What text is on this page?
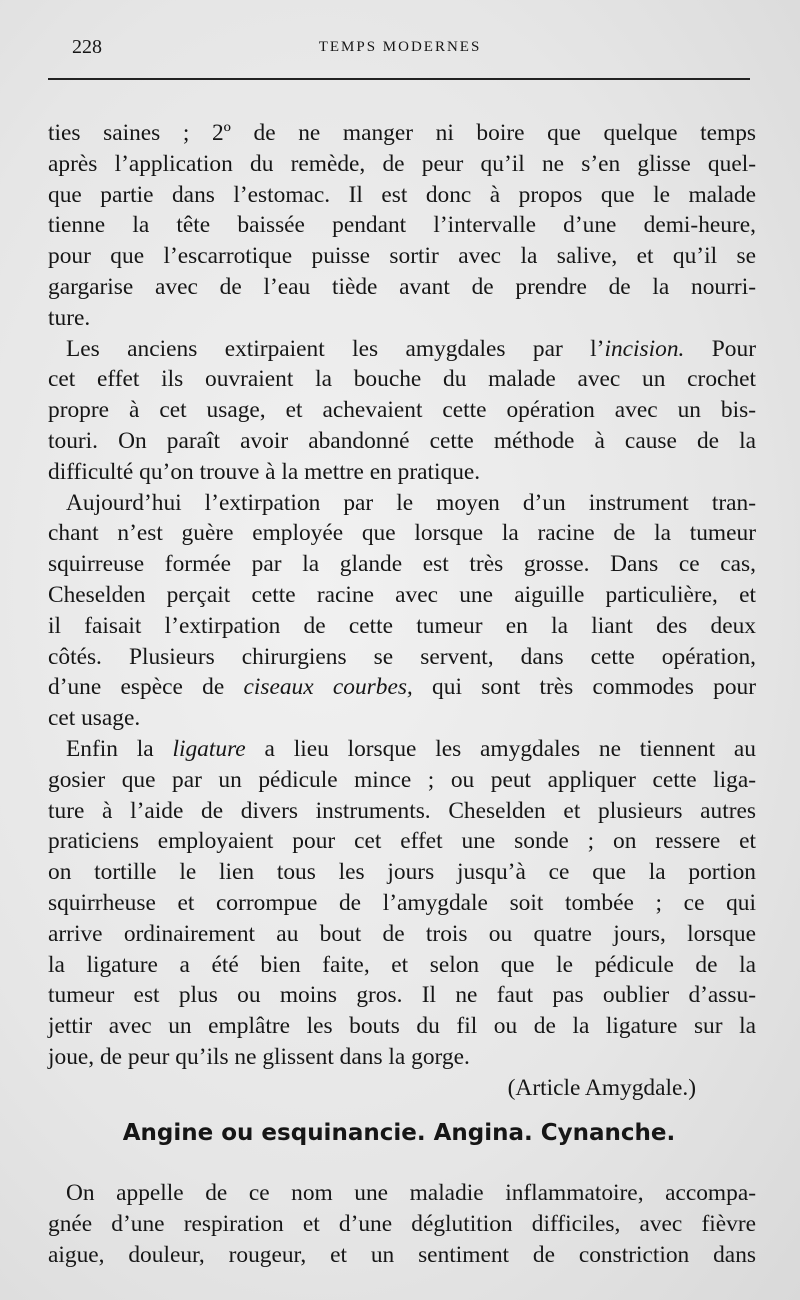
228	TEMPS MODERNES

ties saines ; 2º de ne manger ni boire que quelque temps
après l’application du remède, de peur qu’il ne s’en glisse quel-
que partie dans l’estomac. Il est donc à propos que le malade
tienne la tête baissée pendant l’intervalle d’une demi-heure,
pour que l’escarrotique puisse sortir avec la salive, et qu’il se
gargarise avec de l’eau tiède avant de prendre de la nourri-
ture.

Les anciens extirpaient les amygdales par l’incision. Pour
cet effet ils ouvraient la bouche du malade avec un crochet
propre à cet usage, et achevaient cette opération avec un bis-
touri. On paraît avoir abandonné cette méthode à cause de la
difficulté qu’on trouve à la mettre en pratique.

Aujourd’hui l’extirpation par le moyen d’un instrument tran-
chant n’est guère employée que lorsque la racine de la tumeur
squirreuse formée par la glande est très grosse. Dans ce cas,
Cheselden perçait cette racine avec une aiguille particulière, et
il faisait l’extirpation de cette tumeur en la liant des deux
côtés. Plusieurs chirurgiens se servent, dans cette opération,
d’une espèce de ciseaux courbes, qui sont très commodes pour
cet usage.

Enfin la ligature a lieu lorsque les amygdales ne tiennent au
gosier que par un pédicule mince ; ou peut appliquer cette liga-
ture à l’aide de divers instruments. Cheselden et plusieurs autres
praticiens employaient pour cet effet une sonde ; on ressere et
on tortille le lien tous les jours jusqu’à ce que la portion
squirrheuse et corrompue de l’amygdale soit tombée ; ce qui
arrive ordinairement au bout de trois ou quatre jours, lorsque
la ligature a été bien faite, et selon que le pédicule de la
tumeur est plus ou moins gros. Il ne faut pas oublier d’assu-
jettir avec un emplâtre les bouts du fil ou de la ligature sur la
joue, de peur qu’ils ne glissent dans la gorge.

(Article Amygdale.)

Angine ou esquinancie. Angina. Cynanche.
On appelle de ce nom une maladie inflammatoire, accompa-
gnée d’une respiration et d’une déglutition difficiles, avec fièvre
aigue, douleur, rougeur, et un sentiment de constriction dans
